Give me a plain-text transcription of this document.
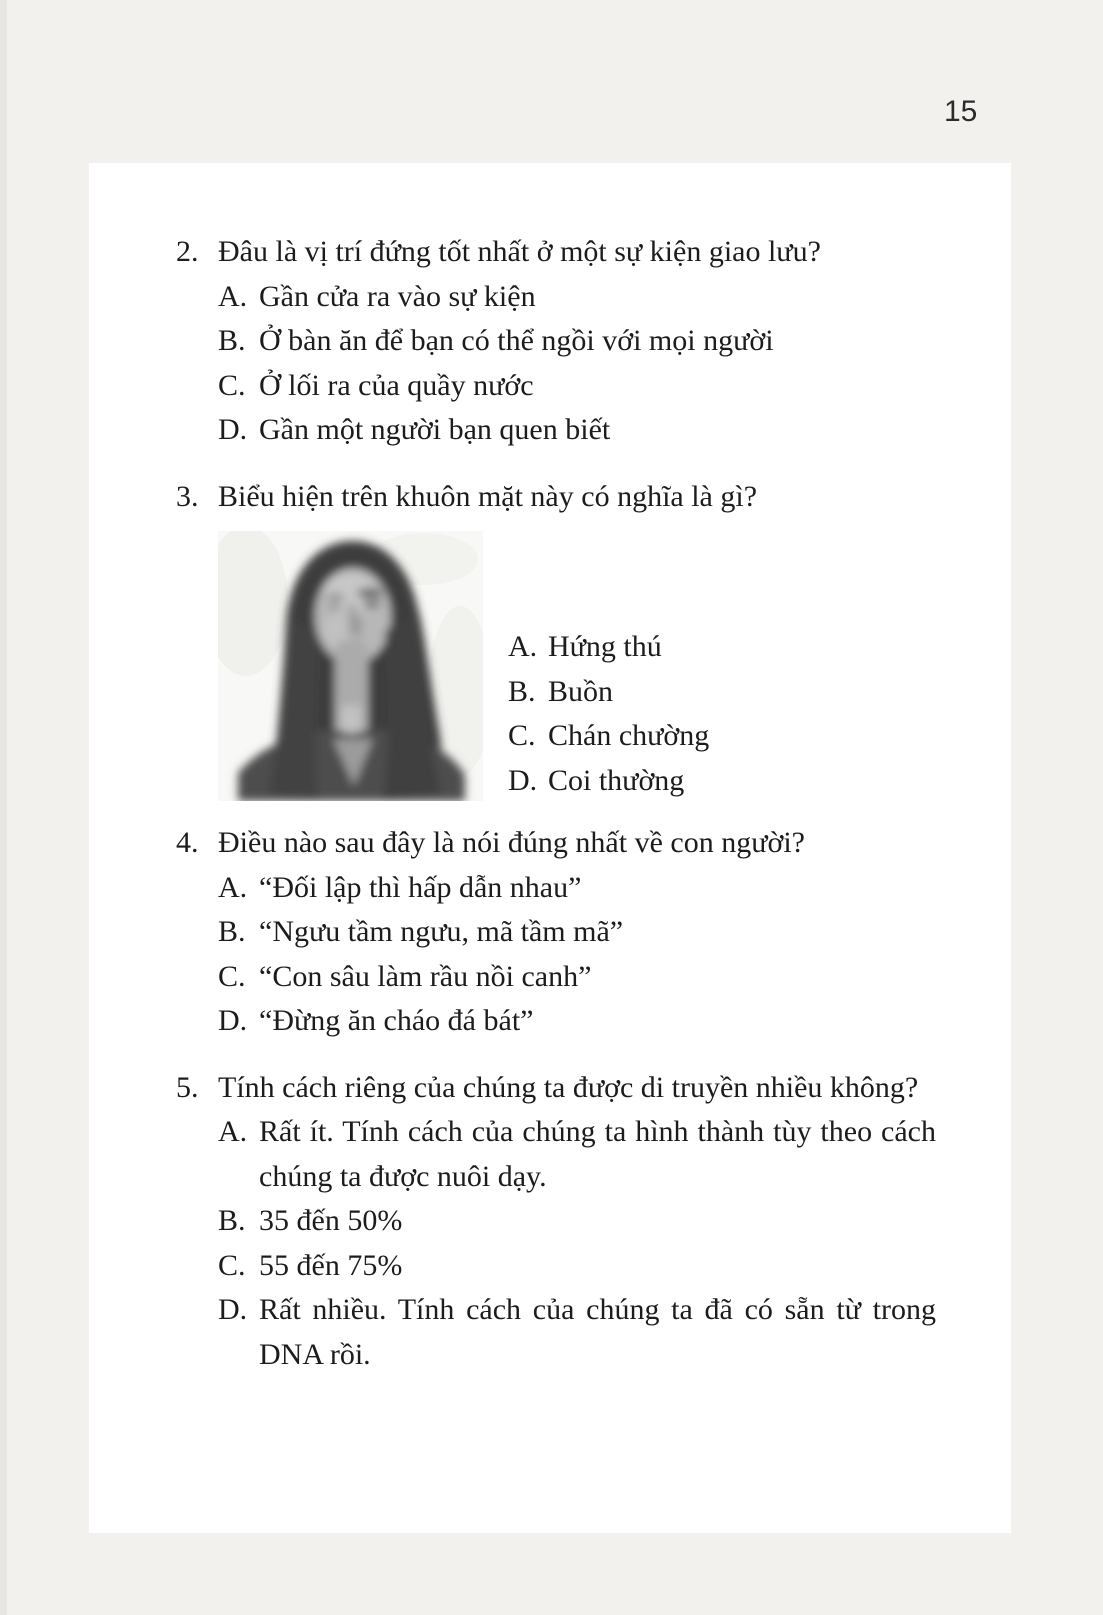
15
2. Đâu là vị trí đứng tốt nhất ở một sự kiện giao lưu?
A. Gần cửa ra vào sự kiện
B. Ở bàn ăn để bạn có thể ngồi với mọi người
C. Ở lối ra của quầy nước
D. Gần một người bạn quen biết
3. Biểu hiện trên khuôn mặt này có nghĩa là gì?
A. Hứng thú
B. Buồn
C. Chán chường
D. Coi thường
4. Điều nào sau đây là nói đúng nhất về con người?
A. “Đối lập thì hấp dẫn nhau”
B. “Ngưu tầm ngưu, mã tầm mã”
C. “Con sâu làm rầu nồi canh”
D. “Đừng ăn cháo đá bát”
5. Tính cách riêng của chúng ta được di truyền nhiều không?
A. Rất ít. Tính cách của chúng ta hình thành tùy theo cách
chúng ta được nuôi dạy.
B. 35 đến 50%
C. 55 đến 75%
D. Rất nhiều. Tính cách của chúng ta đã có sẵn từ trong
DNA rồi.
